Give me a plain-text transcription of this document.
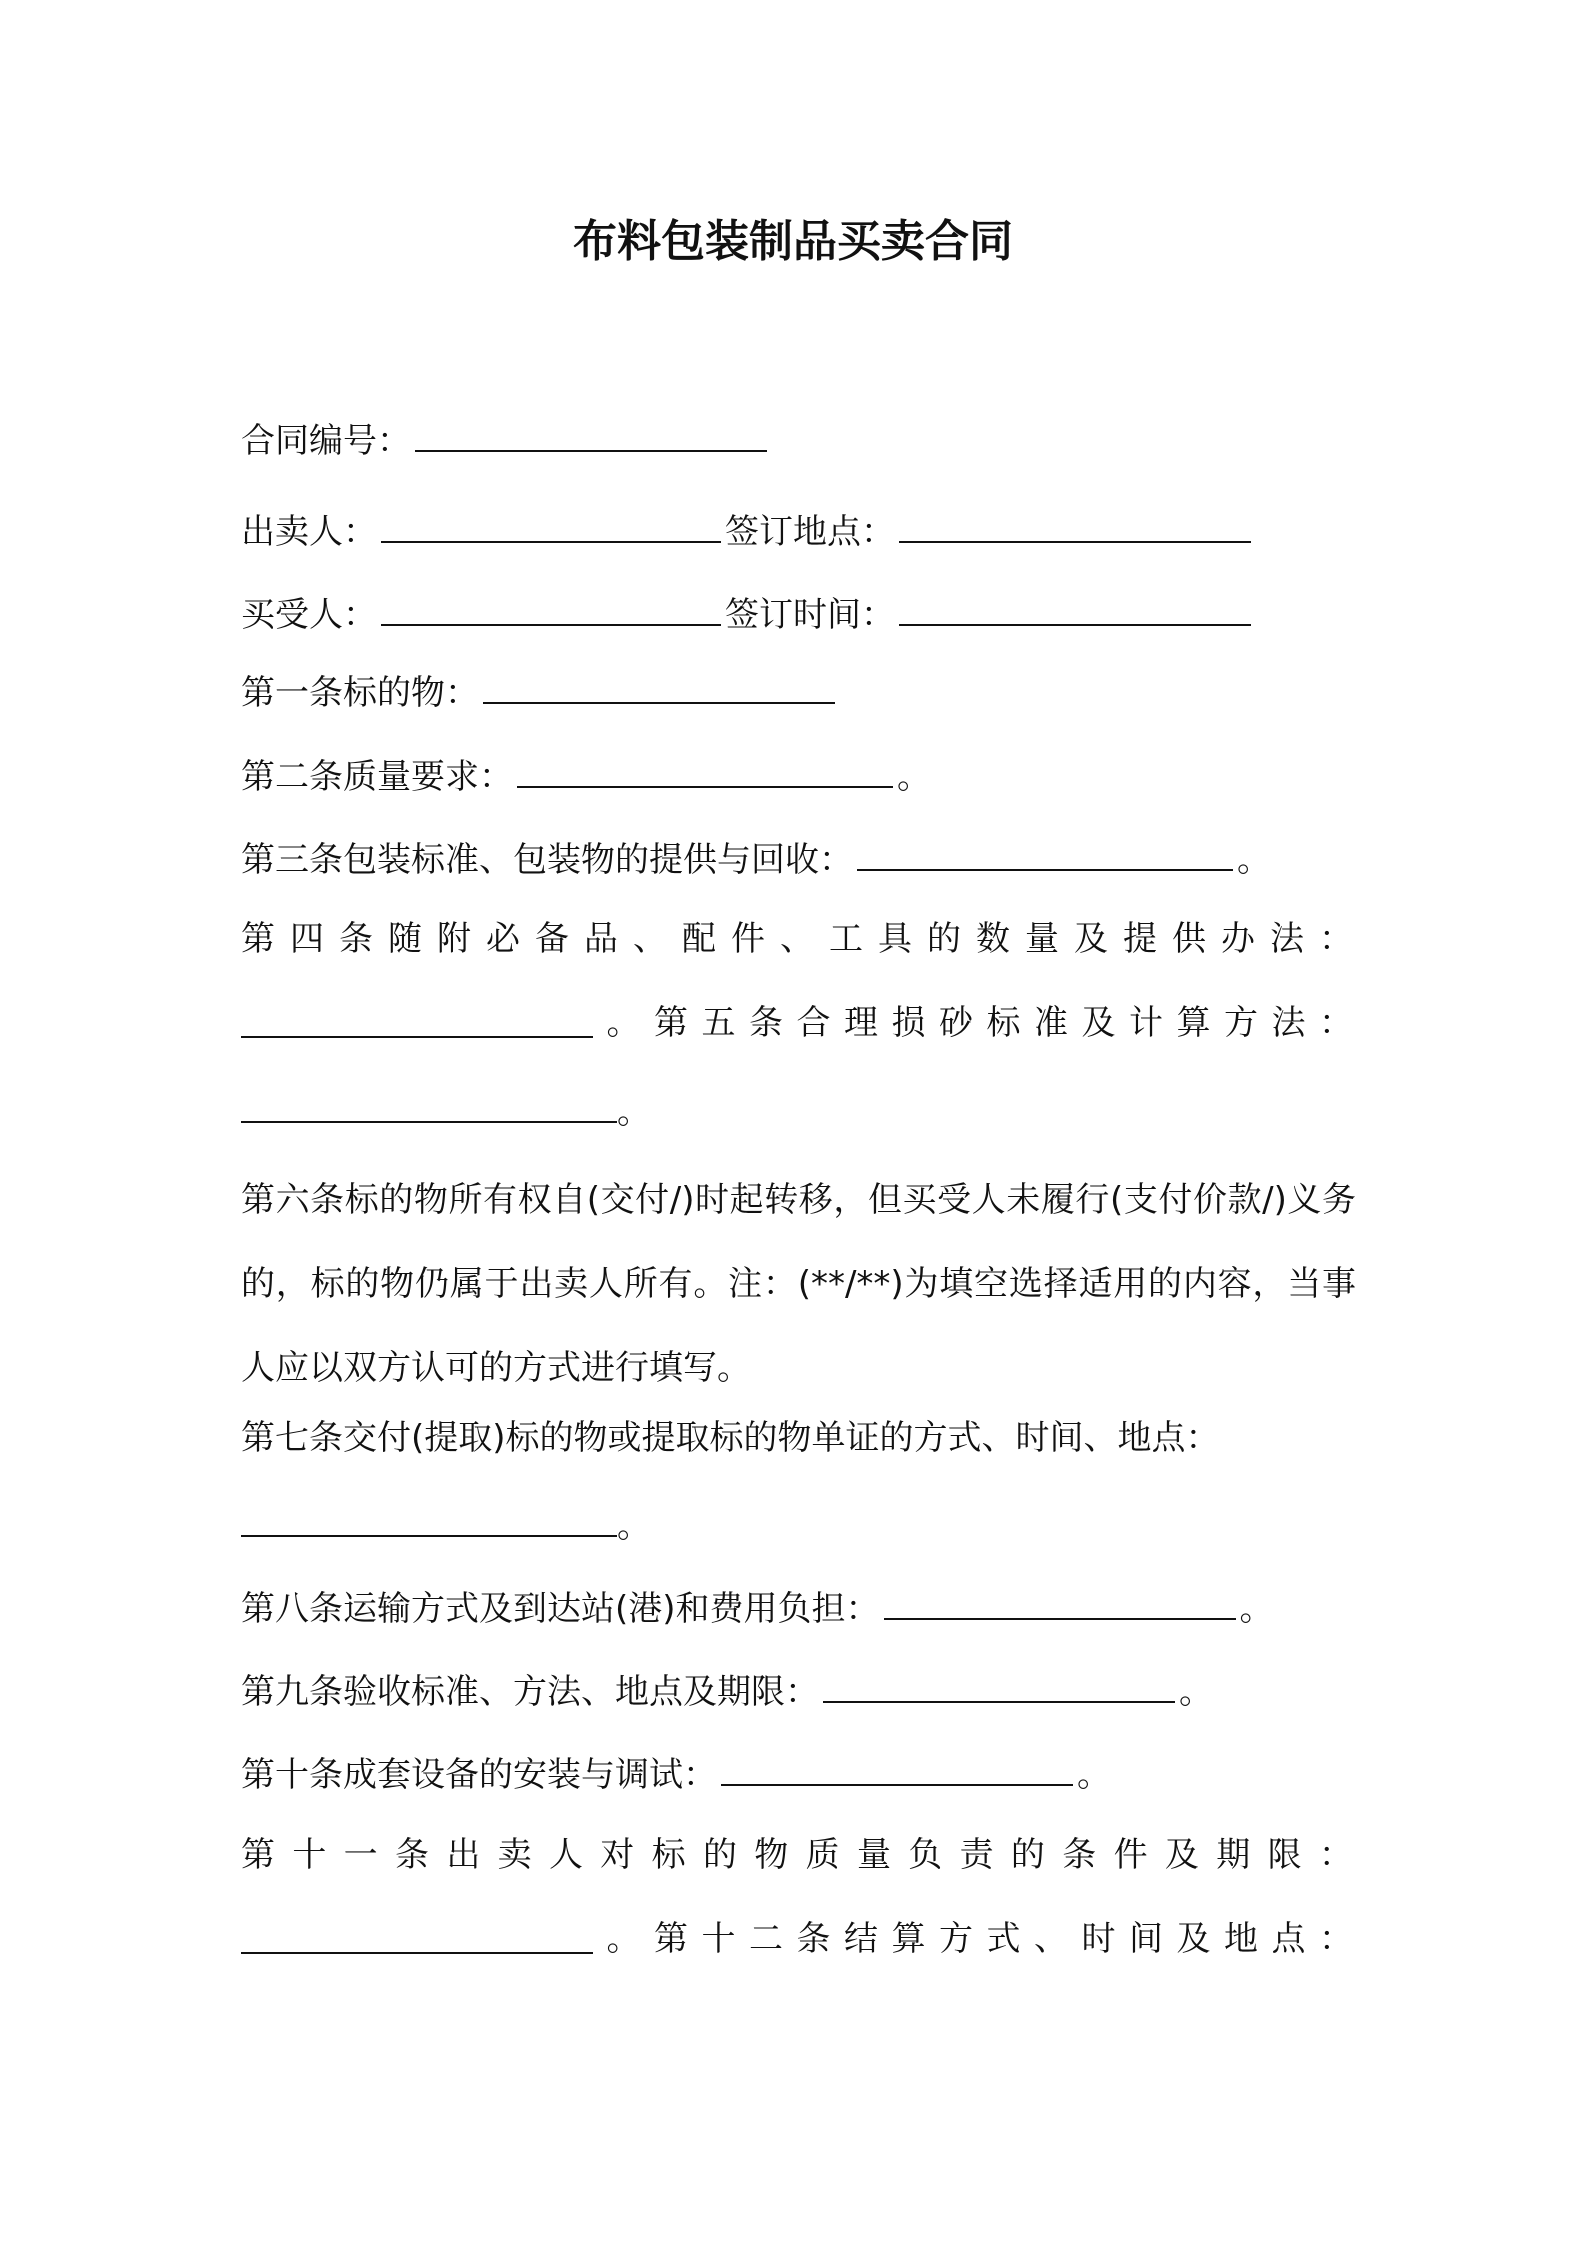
布料包装制品买卖合同
合同编号：
出卖人：	签订地点：
买受人：	签订时间：
第一条标的物：
第二条质量要求：	。
第三条包装标准、包装物的提供与回收：	。
第 四 条 随 附 必 备 品 、 配 件 、 工 具 的 数 量 及 提 供 办 法 ：
。 第 五 条 合 理 损 砂 标 准 及 计 算 方 法 ：
。
第六条标的物所有权自(交付/)时起转移，但买受人未履行(支付价款/)义务的，标的物仍属于出卖人所有。注：(**/**)为填空选择适用的内容，当事人应以双方认可的方式进行填写。
第七条交付(提取)标的物或提取标的物单证的方式、时间、地点：
。
第八条运输方式及到达站(港)和费用负担：	。
第九条验收标准、方法、地点及期限：	。
第十条成套设备的安装与调试：	。
第 十 一 条 出 卖 人 对 标 的 物 质 量 负 责 的 条 件 及 期 限 ：
。 第 十 二 条 结 算 方 式 、 时 间 及 地 点 ：
